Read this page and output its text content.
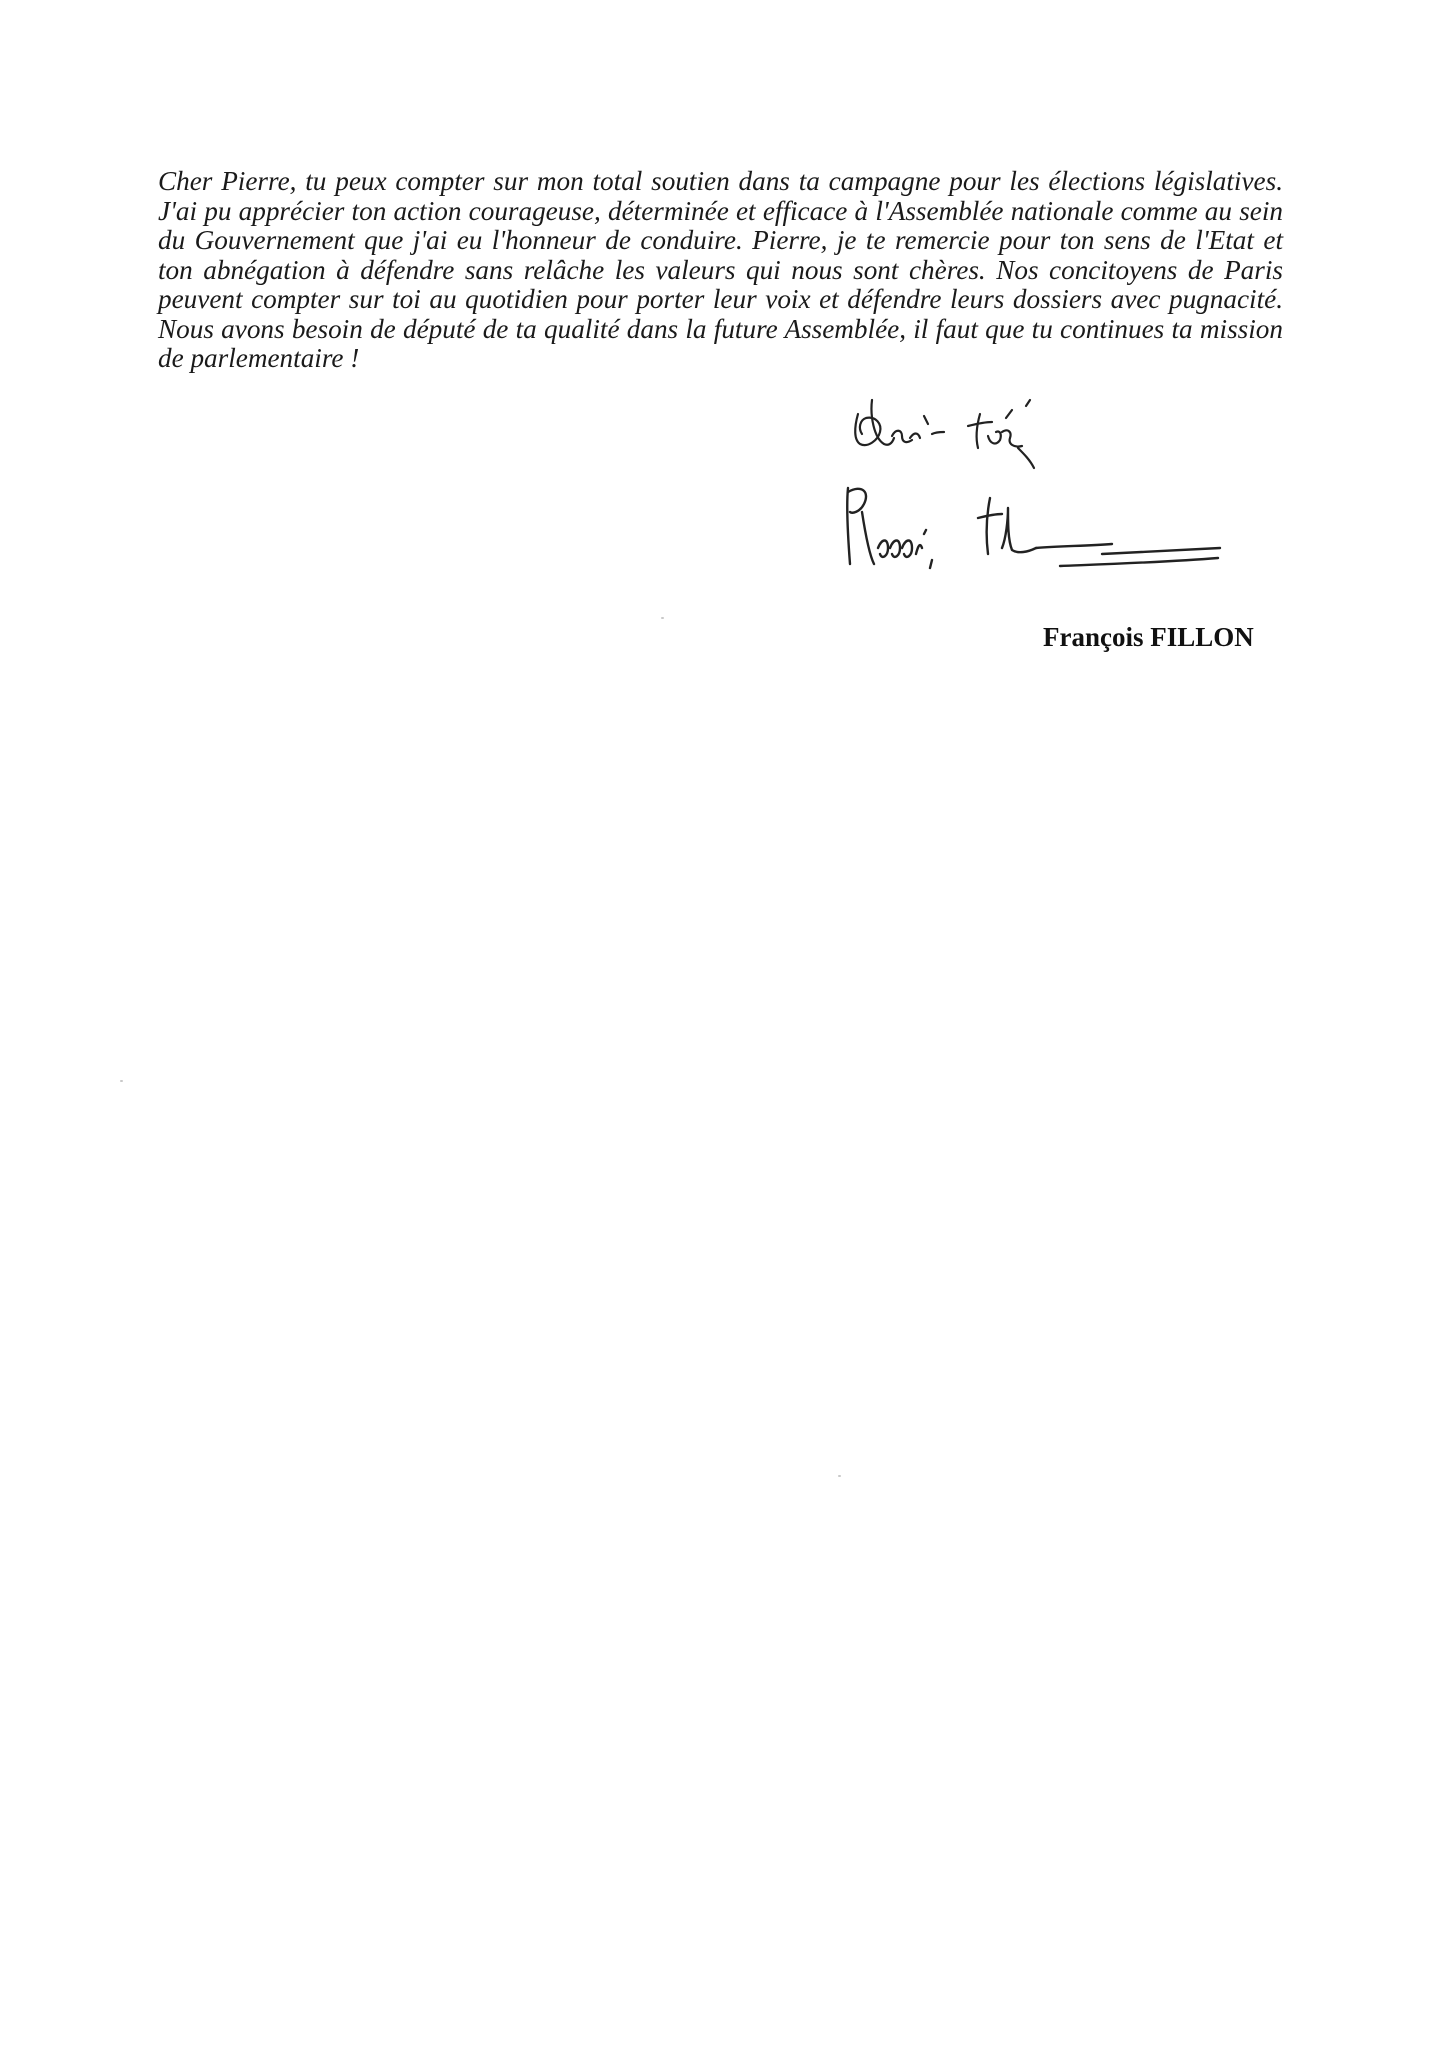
Cher Pierre, tu peux compter sur mon total soutien dans ta campagne pour les élections législatives.
J'ai pu apprécier ton action courageuse, déterminée et efficace à l'Assemblée nationale comme au sein
du Gouvernement que j'ai eu l'honneur de conduire. Pierre, je te remercie pour ton sens de l'Etat et
ton abnégation à défendre sans relâche les valeurs qui nous sont chères. Nos concitoyens de Paris
peuvent compter sur toi au quotidien pour porter leur voix et défendre leurs dossiers avec pugnacité.
Nous avons besoin de député de ta qualité dans la future Assemblée, il faut que tu continues ta mission
de parlementaire !
François FILLON
